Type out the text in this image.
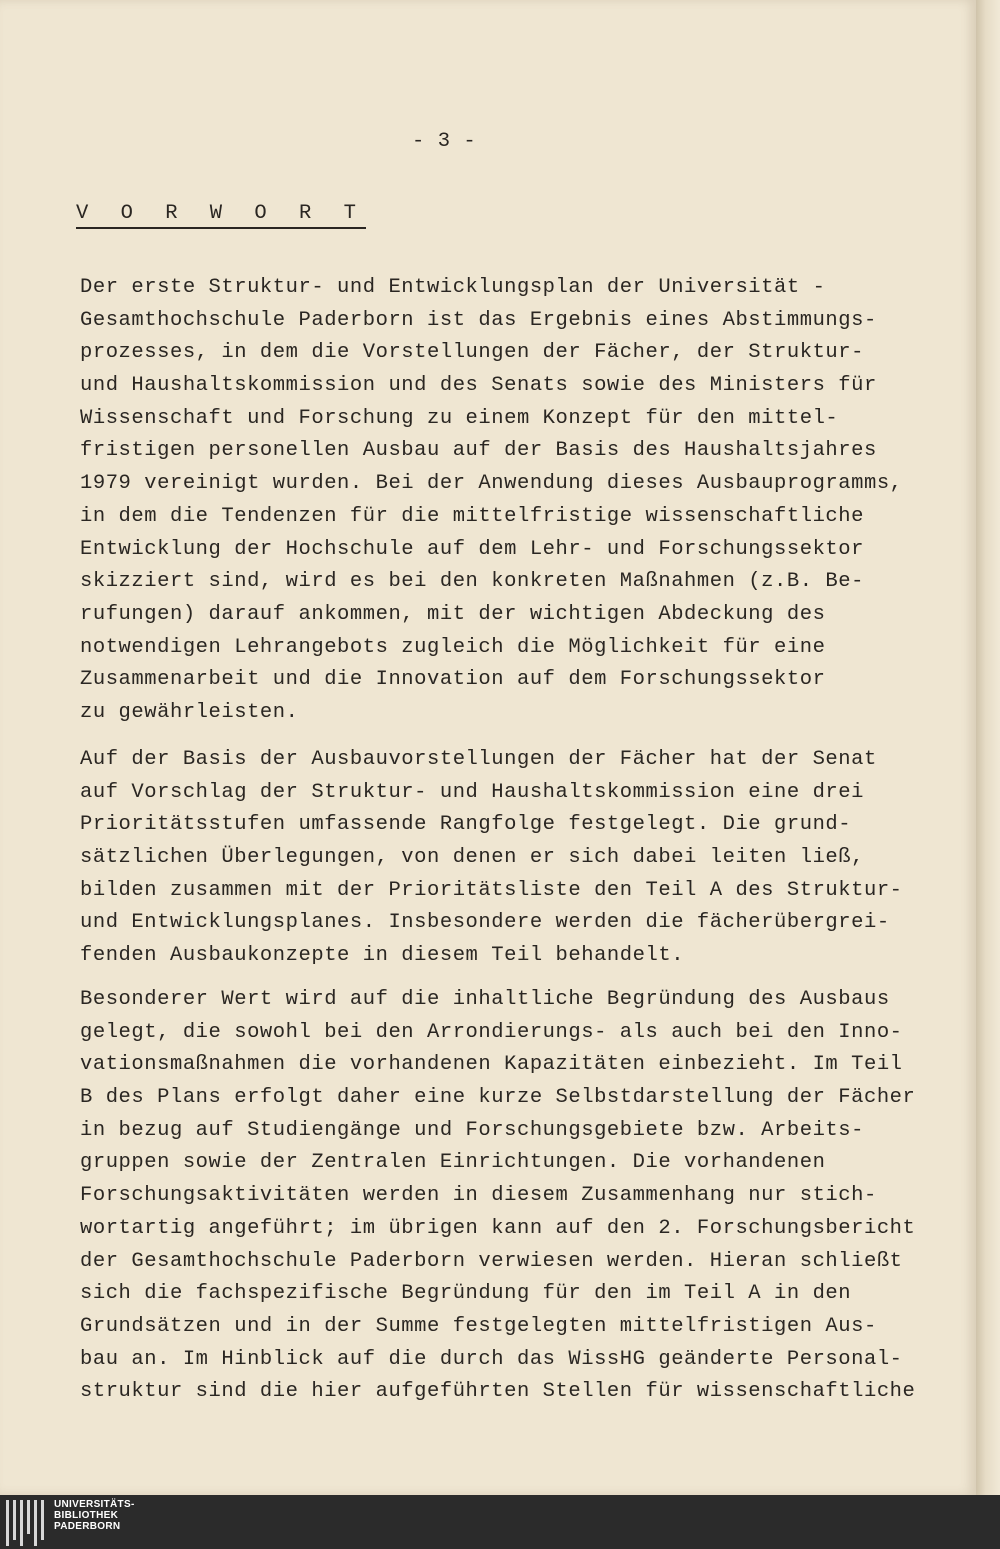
- 3 -
V O R W O R T
Der erste Struktur- und Entwicklungsplan der Universität -
Gesamthochschule Paderborn ist das Ergebnis eines Abstimmungs-
prozesses, in dem die Vorstellungen der Fächer, der Struktur-
und Haushaltskommission und des Senats sowie des Ministers für
Wissenschaft und Forschung zu einem Konzept für den mittel-
fristigen personellen Ausbau auf der Basis des Haushaltsjahres
1979 vereinigt wurden. Bei der Anwendung dieses Ausbauprogramms,
in dem die Tendenzen für die mittelfristige wissenschaftliche
Entwicklung der Hochschule auf dem Lehr- und Forschungssektor
skizziert sind, wird es bei den konkreten Maßnahmen (z.B. Be-
rufungen) darauf ankommen, mit der wichtigen Abdeckung des
notwendigen Lehrangebots zugleich die Möglichkeit für eine
Zusammenarbeit und die Innovation auf dem Forschungssektor
zu gewährleisten.
Auf der Basis der Ausbauvorstellungen der Fächer hat der Senat
auf Vorschlag der Struktur- und Haushaltskommission eine drei
Prioritätsstufen umfassende Rangfolge festgelegt. Die grund-
sätzlichen Überlegungen, von denen er sich dabei leiten ließ,
bilden zusammen mit der Prioritätsliste den Teil A des Struktur-
und Entwicklungsplanes. Insbesondere werden die fächerübergrei-
fenden Ausbaukonzepte in diesem Teil behandelt.
Besonderer Wert wird auf die inhaltliche Begründung des Ausbaus
gelegt, die sowohl bei den Arrondierungs- als auch bei den Inno-
vationsmaßnahmen die vorhandenen Kapazitäten einbezieht. Im Teil
B des Plans erfolgt daher eine kurze Selbstdarstellung der Fächer
in bezug auf Studiengänge und Forschungsgebiete bzw. Arbeits-
gruppen sowie der Zentralen Einrichtungen. Die vorhandenen
Forschungsaktivitäten werden in diesem Zusammenhang nur stich-
wortartig angeführt; im übrigen kann auf den 2. Forschungsbericht
der Gesamthochschule Paderborn verwiesen werden. Hieran schließt
sich die fachspezifische Begründung für den im Teil A in den
Grundsätzen und in der Summe festgelegten mittelfristigen Aus-
bau an. Im Hinblick auf die durch das WissHG geänderte Personal-
struktur sind die hier aufgeführten Stellen für wissenschaftliche
UNIVERSITÄTS-
BIBLIOTHEK
PADERBORN
